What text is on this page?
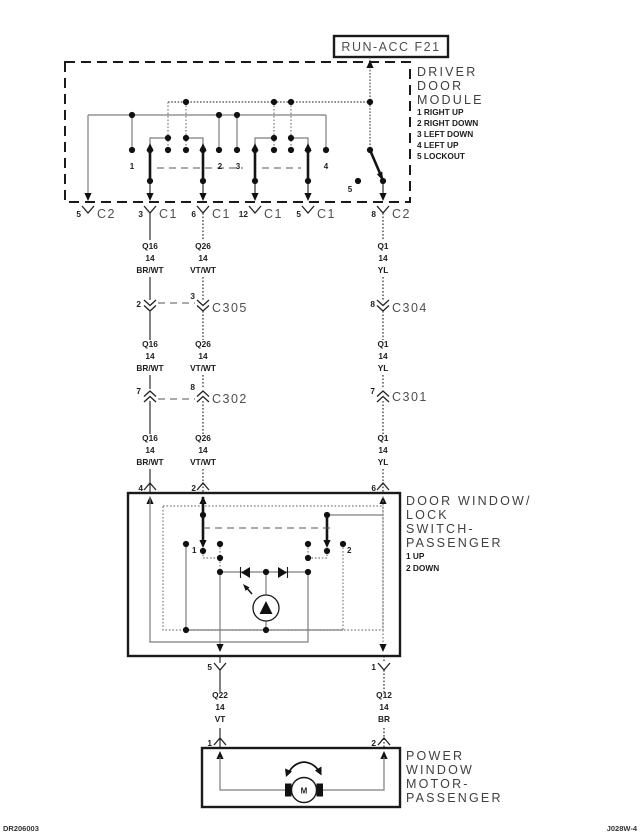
RUN-ACC F21
DRIVER
DOOR
MODULE
1 RIGHT UP
2 RIGHT DOWN
3 LEFT DOWN
4 LEFT UP
5 LOCKOUT
5
1	2 3	4
5 C2	3 C1 6 C1 12 C1 5 C1	8 C2
Q16
14
BR/WT
Q26
14
VT/WT
Q1
14
YL
2
3
C305	8 C304
Q16
14
BR/WT
Q26
14
VT/WT
Q1
14
YL
7	8
C302
7 C301
Q16
14
BR/WT
Q26
14
VT/WT
Q1
14
YL
4	2	6
DOOR WINDOW/
LOCK
SWITCH-
PASSENGER
1 UP
2 DOWN
1	2
5	1
Q22
14
VT
Q12
14
BR
1	2
POWER
WINDOW
MOTOR-
PASSENGER
M
DR206003	J028W-4
